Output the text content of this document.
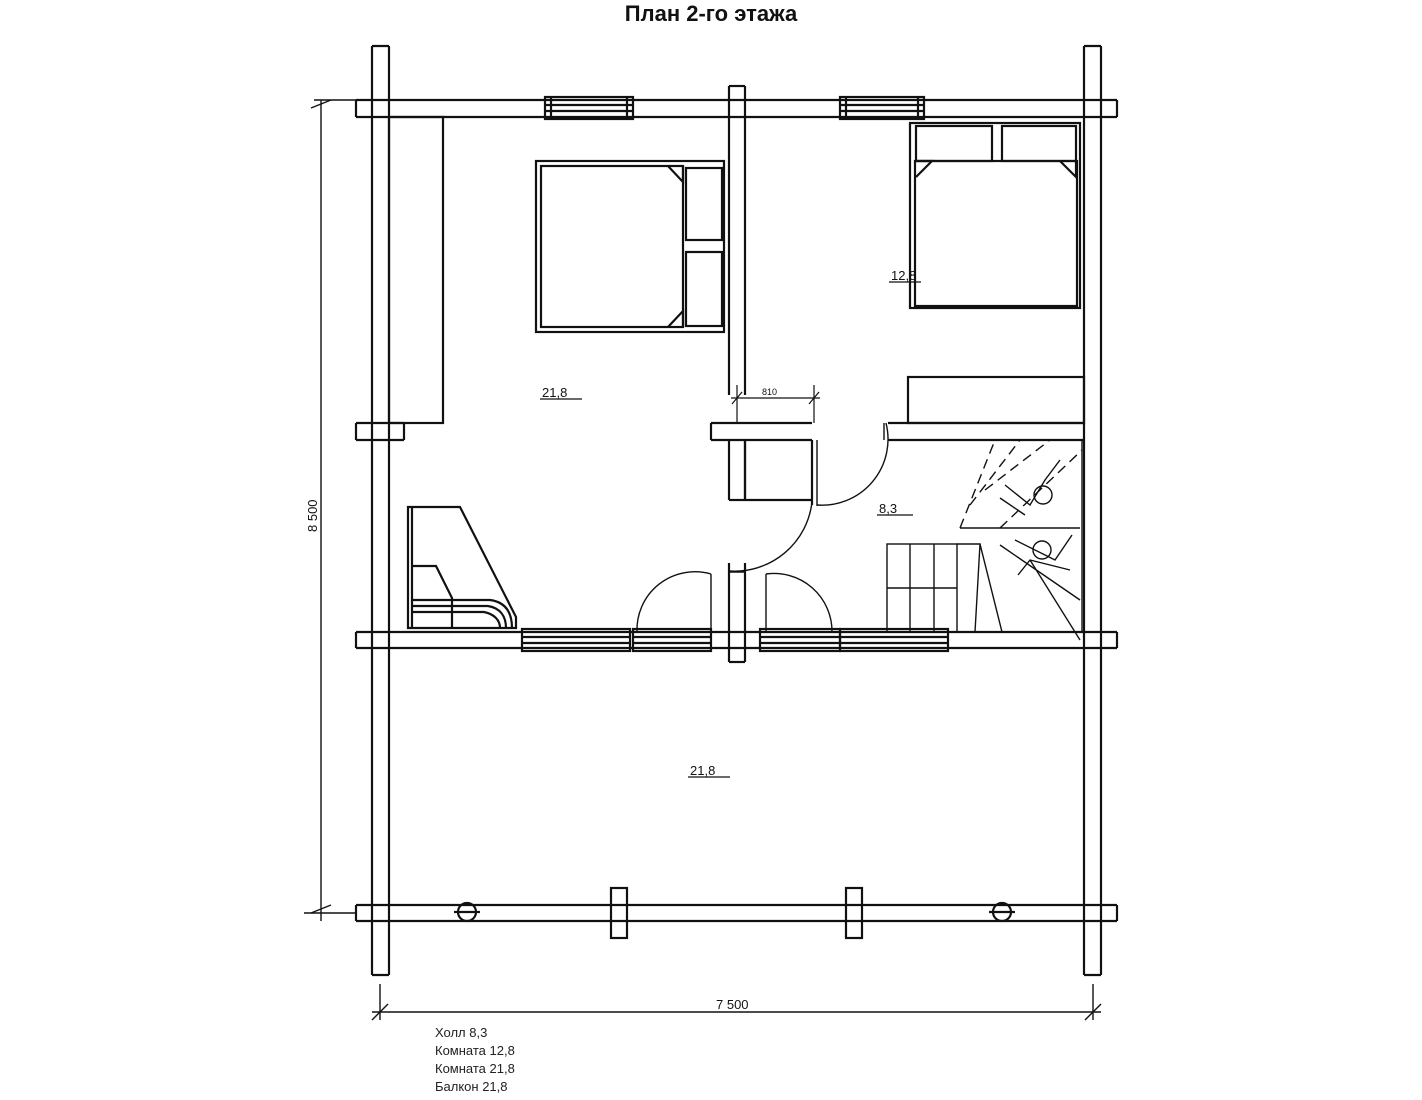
План 2-го этажа
21,8
12,8
8,3
21,8
7 500
810
8 500
Холл 8,3
Комната 12,8
Комната 21,8
Балкон 21,8
